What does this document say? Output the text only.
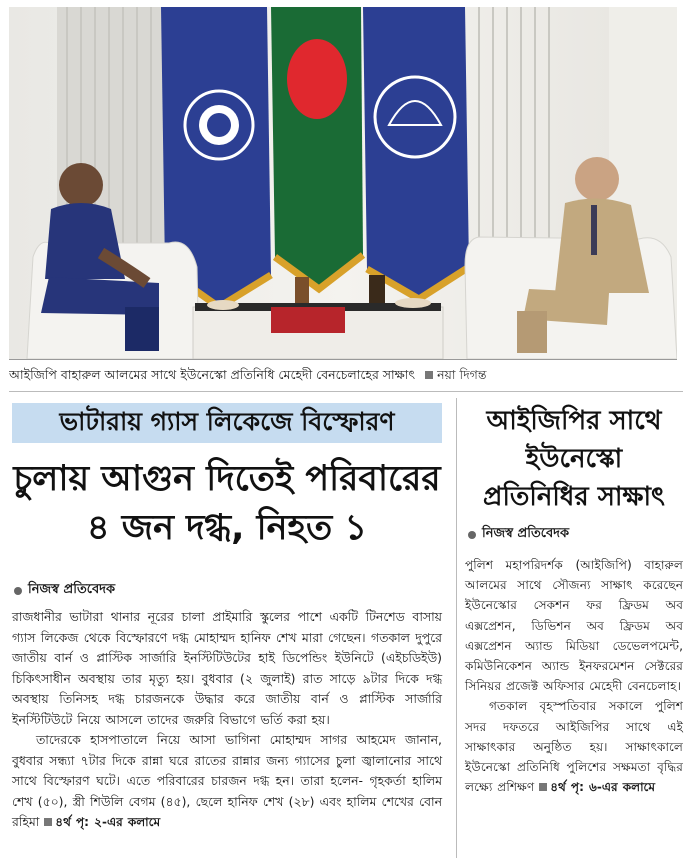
আইজিপি বাহারুল আলমের সাথে ইউনেস্কো প্রতিনিধি মেহেদী বেনচেলাহের সাক্ষাৎ নয়া দিগন্ত
ভাটারায় গ্যাস লিকেজে বিস্ফোরণ
চুলায় আগুন দিতেই পরিবারের
৪ জন দগ্ধ, নিহত ১
নিজস্ব প্রতিবেদক

রাজধানীর ভাটারা থানার নূরের চালা প্রাইমারি স্কুলের পাশে একটি টিনশেড বাসায় গ্যাস লিকেজ থেকে বিস্ফোরণে দগ্ধ মোহাম্মদ হানিফ শেখ মারা গেছেন। গতকাল দুপুরে জাতীয় বার্ন ও প্লাস্টিক সার্জারি ইনস্টিটিউটের হাই ডিপেন্ডিং ইউনিটে (এইচডিইউ) চিকিৎসাধীন অবস্থায় তার মৃত্যু হয়। বুধবার (২ জুলাই) রাত সাড়ে ৯টার দিকে দগ্ধ অবস্থায় তিনিসহ দগ্ধ চারজনকে উদ্ধার করে জাতীয় বার্ন ও প্লাস্টিক সার্জারি ইনস্টিটিউটে নিয়ে আসলে তাদের জরুরি বিভাগে ভর্তি করা হয়।

তাদেরকে হাসপাতালে নিয়ে আসা ভাগিনা মোহাম্মদ সাগর আহমেদ জানান, বুধবার সন্ধ্যা ৭টার দিকে রান্না ঘরে রাতের রান্নার জন্য গ্যাসের চুলা জ্বালানোর সাথে সাথে বিস্ফোরণ ঘটে। এতে পরিবারের চারজন দগ্ধ হন। তারা হলেন- গৃহকর্তা হালিম শেখ (৫০), স্ত্রী শিউলি বেগম (৪৫), ছেলে হানিফ শেখ (২৮) এবং হালিম শেখের বোন রহিমা ৪র্থ পৃ: ২-এর কলামে

আইজিপির সাথে
ইউনেস্কো
প্রতিনিধির সাক্ষাৎ
নিজস্ব প্রতিবেদক

পুলিশ মহাপরিদর্শক (আইজিপি) বাহারুল আলমের সাথে সৌজন্য সাক্ষাৎ করেছেন ইউনেস্কোর সেকশন ফর ফ্রিডম অব এক্সপ্রেশন, ডিভিশন অব ফ্রিডম অব এক্সপ্রেশন অ্যান্ড মিডিয়া ডেভেলপমেন্ট, কমিউনিকেশন অ্যান্ড ইনফরমেশন সেক্টরের সিনিয়র প্রজেক্ট অফিসার মেহেদী বেনচেলাহ।

গতকাল বৃহস্পতিবার সকালে পুলিশ সদর দফতরে আইজিপির সাথে এই সাক্ষাৎকার অনুষ্ঠিত হয়। সাক্ষাৎকালে ইউনেস্কো প্রতিনিধি পুলিশের সক্ষমতা বৃদ্ধির লক্ষ্যে প্রশিক্ষণ ৪র্থ পৃ: ৬-এর কলামে
